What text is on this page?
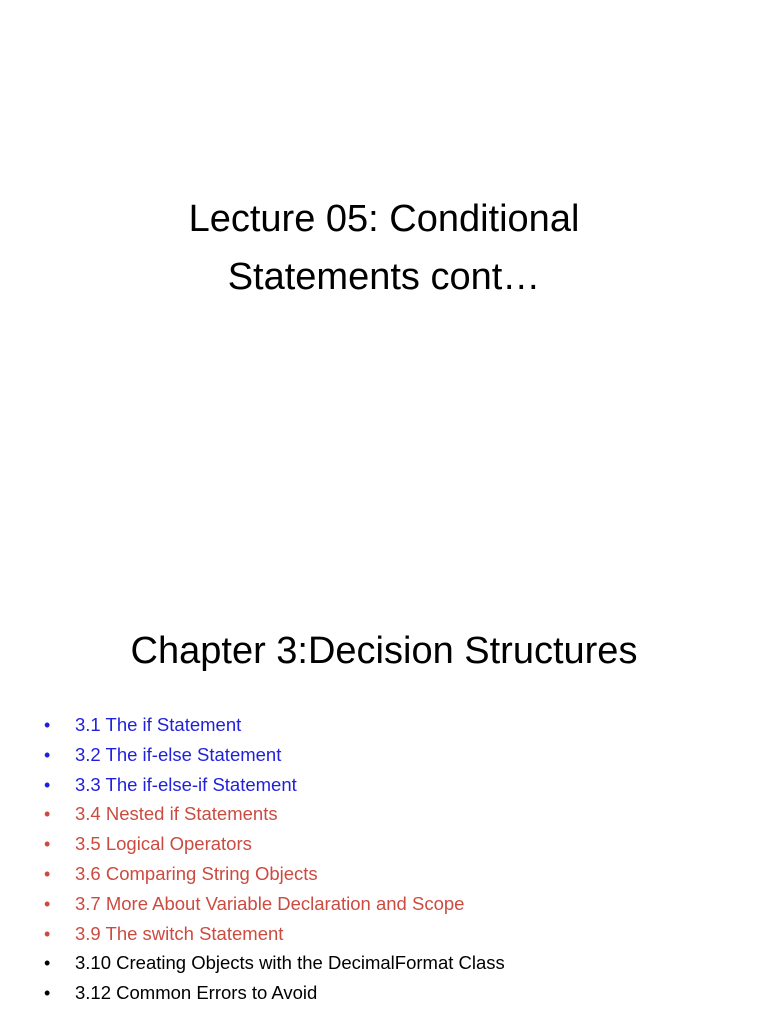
Lecture 05: Conditional
Statements cont…
Chapter 3:Decision Structures
• 3.1 The if Statement
• 3.2 The if-else Statement
• 3.3 The if-else-if Statement
• 3.4 Nested if Statements
• 3.5 Logical Operators
• 3.6 Comparing String Objects
• 3.7 More About Variable Declaration and Scope
• 3.9 The switch Statement
• 3.10 Creating Objects with the DecimalFormat Class
• 3.12 Common Errors to Avoid
